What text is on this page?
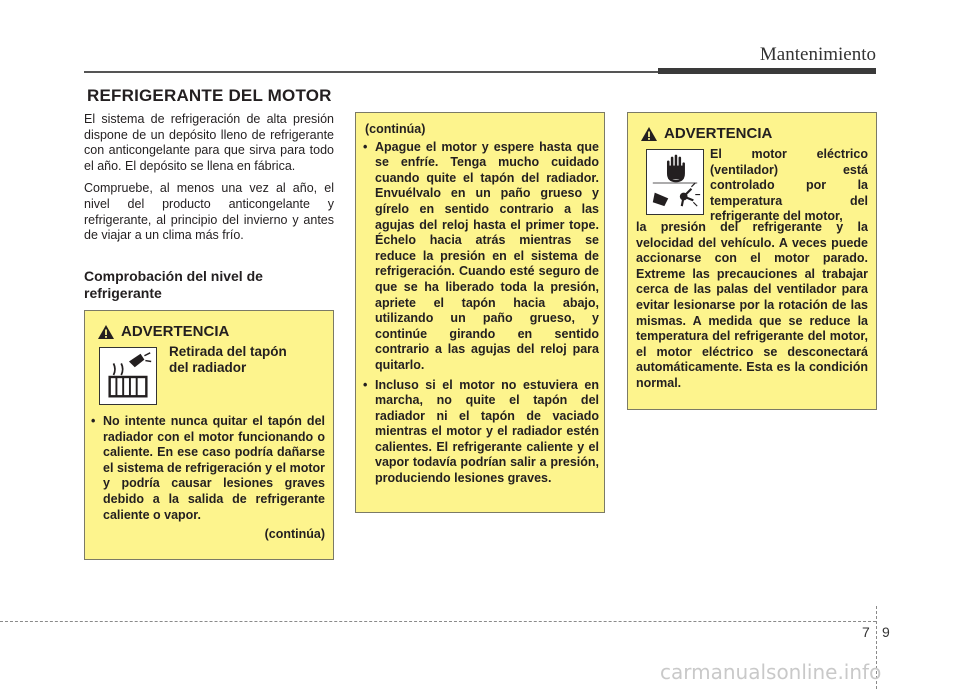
Mantenimiento
REFRIGERANTE DEL MOTOR

El sistema de refrigeración de alta presión dispone de un depósito lleno de refrigerante con anticongelante para que sirva para todo el año. El depósito se llena en fábrica.

Compruebe, al menos una vez al año, el nivel del producto anticongelante y refrigerante, al principio del invierno y antes de viajar a un clima más frío.

Comprobación del nivel de refrigerante
ADVERTENCIA
Retirada del tapón
del radiador
• No intente nunca quitar el tapón del radiador con el motor funcionando o caliente. En ese caso podría dañarse el sistema de refrigeración y el motor y podría causar lesiones graves debido a la salida de refrigerante caliente o vapor.
(continúa)
(continúa)
• Apague el motor y espere hasta que se enfríe. Tenga mucho cuidado cuando quite el tapón del radiador. Envuélvalo en un paño grueso y gírelo en sentido contrario a las agujas del reloj hasta el primer tope. Échelo hacia atrás mientras se reduce la presión en el sistema de refrigeración. Cuando esté seguro de que se ha liberado toda la presión, apriete el tapón hacia abajo, utilizando un paño grueso, y continúe girando en sentido contrario a las agujas del reloj para quitarlo.
• Incluso si el motor no estuviera en marcha, no quite el tapón del radiador ni el tapón de vaciado mientras el motor y el radiador estén calientes. El refrigerante caliente y el vapor todavía podrían salir a presión, produciendo lesiones graves.
ADVERTENCIA
El motor eléctrico (ventilador) está controlado por la temperatura del refrigerante del motor,
la presión del refrigerante y la velocidad del vehículo. A veces puede accionarse con el motor parado. Extreme las precauciones al trabajar cerca de las palas del ventilador para evitar lesionarse por la rotación de las mismas. A medida que se reduce la temperatura del refrigerante del motor, el motor eléctrico se desconectará automáticamente. Esta es la condición normal.
7 9
carmanualsonline.info
